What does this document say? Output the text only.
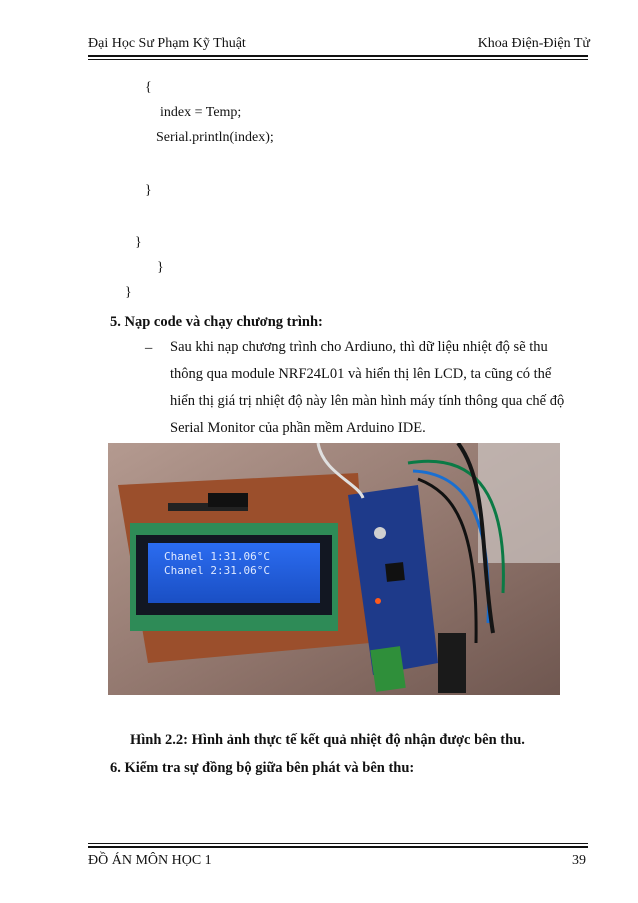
Đại Học Sư Phạm Kỹ Thuật	Khoa Điện-Điện Tử
{
index = Temp;
Serial.println(index);
}
}
}
}
5. Nạp code và chạy chương trình:
– Sau khi nạp chương trình cho Ardiuno, thì dữ liệu nhiệt độ sẽ thu
thông qua module NRF24L01 và hiển thị lên LCD, ta cũng có thể
hiển thị giá trị nhiệt độ này lên màn hình máy tính thông qua chế độ
Serial Monitor của phần mềm Arduino IDE.
Chanel 1:31.06°C
Chanel 2:31.06°C
Hình 2.2: Hình ảnh thực tế kết quả nhiệt độ nhận được bên thu.
6. Kiểm tra sự đồng bộ giữa bên phát và bên thu:
ĐỒ ÁN MÔN HỌC 1	39
